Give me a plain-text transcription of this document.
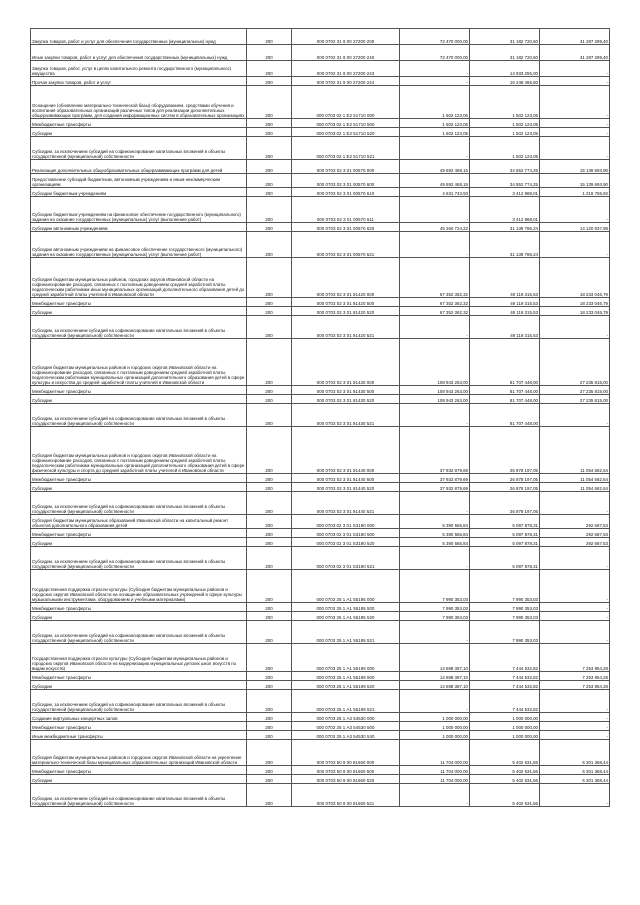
Закупка товаров, работ и услуг для обеспечения государственных (муниципальных) нужд	200	000 0702 31 9 00 27200 200	72 470 000,00	31 182 720,60	41 287 289,40
Иные закупки товаров, работ и услуг для обеспечения государственных (муниципальных) нужд	200	000 0702 31 9 00 27200 240	72 470 000,00	31 182 720,60	41 287 289,40
Закупка товаров, работ, услуг в целях капитального ремонта государственного (муниципального) имущества	200	000 0702 31 9 00 27200 243	-	14 933 255,00	-
Прочая закупка товаров, работ и услуг	200	000 0702 31 9 00 27200 244	-	16 249 465,60	-
Оснащение (обновление материально-технической базы) оборудованием, средствами обучения и воспитания образовательных организаций различных типов для реализации дополнительных общеразвивающих программ, для создания информационных систем в образовательных организациях	200	000 0703 02 1 Е2 51710 000	1 502 123,05	1 502 123,05	-
Межбюджетные трансферты	200	000 0703 02 1 Е2 51710 500	1 502 123,05	1 502 123,05	-
Субсидии	200	000 0703 02 1 Е2 51710 520	1 502 123,05	1 502 123,05	-
Субсидии, за исключением субсидий на софинансирование капитальных вложений в объекты государственной (муниципальной) собственности	200	000 0703 02 1 Е2 51710 521	-	1 502 123,05	-
Реализация дополнительных общеобразовательных общеразвивающих программ для детей	200	000 0703 02 3 01 00570 000	49 692 468,15	34 552 774,25	15 139 693,90
Предоставление субсидий бюджетным, автономным учреждениям и иным некоммерческим организациям	200	000 0703 02 3 01 00570 600	49 692 468,15	34 552 774,25	15 139 693,90
Субсидии бюджетным учреждениям	200	000 0703 02 3 01 00570 610	4 631 743,93	3 412 988,01	1 218 755,92
Субсидии бюджетным учреждениям на финансовое обеспечение государственного (муниципального) задания на оказание государственных (муниципальных) услуг (выполнение работ)	200	000 0703 02 3 01 00570 611	-	3 412 988,01	-
Субсидии автономным учреждениям	200	000 0703 02 3 01 00570 620	45 260 724,22	31 139 786,24	14 120 937,98
Субсидии автономным учреждениям на финансовое обеспечение государственного (муниципального) задания на оказание государственных (муниципальных) услуг (выполнение работ)	200	000 0703 02 3 01 00570 621	-	31 139 786,24	-
Субсидия бюджетам муниципальных районов, городских округов Ивановской области на софинансирование расходов, связанных с поэтапным доведением средней заработной платы педагогическим работникам иных муниципальных организаций дополнительного образования детей до средней заработной платы учителей в Ивановской области	200	000 0703 02 3 01 81420 000	67 352 362,32	49 119 315,53	18 233 046,79
Межбюджетные трансферты	200	000 0703 02 3 01 81420 500	67 352 362,32	49 119 315,53	18 233 046,79
Субсидии	200	000 0703 02 3 01 81420 520	67 352 362,32	49 119 315,53	18 233 046,79
Субсидии, за исключением субсидий на софинансирование капитальных вложений в объекты государственной (муниципальной) собственности	200	000 0703 02 3 01 81420 521	-	49 119 315,53	-
Субсидия бюджетам муниципальных районов и городских округов Ивановской области на софинансирование расходов, связанных с поэтапным доведением средней заработной платы педагогическим работникам муниципальных организаций дополнительного образования детей в сфере культуры и искусства до средней заработной платы учителей в Ивановской области	200	000 0703 02 3 01 81430 000	108 943 263,00	81 707 448,00	27 235 815,00
Межбюджетные трансферты	200	000 0703 02 3 01 81430 500	108 943 263,00	81 707 448,00	27 235 815,00
Субсидии	200	000 0703 02 3 01 81430 520	108 943 263,00	81 707 448,00	27 235 815,00
Субсидии, за исключением субсидий на софинансирование капитальных вложений в объекты государственной (муниципальной) собственности	200	000 0703 02 3 01 81430 521	-	81 707 448,00	-
Субсидия бюджетам муниципальных районов и городских округов Ивановской области на софинансирование расходов, связанных с поэтапным доведением средней заработной платы педагогическим работникам муниципальных организаций дополнительного образования детей в сфере физической культуры и спорта до средней заработной платы учителей в Ивановской области	200	000 0703 02 3 01 81440 000	37 932 879,69	26 878 197,05	11 054 682,64
Межбюджетные трансферты	200	000 0703 02 3 01 81440 500	37 932 879,69	26 878 197,05	11 054 682,64
Субсидии	200	000 0703 02 3 01 81440 520	37 932 879,69	26 878 197,05	11 054 682,64
Субсидии, за исключением субсидий на софинансирование капитальных вложений в объекты государственной (муниципальной) собственности	200	000 0703 02 3 01 81440 521	-	26 878 197,05	-
Субсидия бюджетам муниципальных образований Ивановской области на капитальный ремонт объектов дополнительного образования детей	200	000 0703 02 3 01 S3190 000	5 390 565,84	5 097 878,31	292 687,53
Межбюджетные трансферты	200	000 0703 02 3 01 S3190 500	5 390 565,84	5 097 878,31	292 687,53
Субсидии	200	000 0703 02 3 01 S3190 520	5 390 565,84	5 097 878,31	292 687,53
Субсидии, за исключением субсидий на софинансирование капитальных вложений в объекты государственной (муниципальной) собственности	200	000 0703 02 3 01 S3190 521	-	5 097 878,31	-
Государственная поддержка отрасли культуры (Субсидия бюджетам муниципальных районов и городских округов Ивановской области на оснащение образовательных учреждений в сфере культуры музыкальными инструментами, оборудованием и учебными материалами)	200	000 0703 25 1 А1 55195 000	7 990 353,03	7 990 353,03	-
Межбюджетные трансферты	200	000 0703 25 1 А1 55195 500	7 990 353,03	7 990 353,03	-
Субсидии	200	000 0703 25 1 А1 55195 520	7 990 353,03	7 990 353,03	-
Субсидии, за исключением субсидий на софинансирование капитальных вложений в объекты государственной (муниципальной) собственности	200	000 0703 25 1 А1 55195 521	-	7 990 353,03	-
Государственная поддержка отрасли культуры (Субсидия бюджетам муниципальных районов и городских округов Ивановской области на модернизацию муниципальных детских школ искусств по видам искусств)	200	000 0703 25 1 А1 55199 000	14 698 387,10	7 444 532,82	7 253 854,28
Межбюджетные трансферты	200	000 0703 25 1 А1 55199 500	14 698 387,10	7 444 532,82	7 253 854,28
Субсидии	200	000 0703 25 1 А1 55199 520	14 698 387,10	7 444 532,82	7 253 854,28
Субсидии, за исключением субсидий на софинансирование капитальных вложений в объекты государственной (муниципальной) собственности	200	000 0703 25 1 А1 55199 521	-	7 444 532,82	-
Создание виртуальных концертных залов	200	000 0703 25 1 А3 54530 000	1 000 000,00	1 000 000,00	-
Межбюджетные трансферты	200	000 0703 25 1 А3 54530 500	1 000 000,00	1 000 000,00	-
Иные межбюджетные трансферты	200	000 0703 25 1 А3 54530 540	1 000 000,00	1 000 000,00	-
Субсидия бюджетам муниципальных районов и городских округов Ивановской области на укрепление материально-технической базы муниципальных образовательных организаций Ивановской области	200	000 0703 50 9 00 81660 000	11 704 000,00	5 402 631,56	6 301 368,44
Межбюджетные трансферты	200	000 0703 50 9 00 81660 500	11 704 000,00	5 402 631,56	6 301 368,44
Субсидии	200	000 0703 50 9 00 81660 520	11 704 000,00	5 402 631,56	6 301 368,44
Субсидии, за исключением субсидий на софинансирование капитальных вложений в объекты государственной (муниципальной) собственности	200	000 0703 50 9 00 81660 521	-	5 402 631,56	-
